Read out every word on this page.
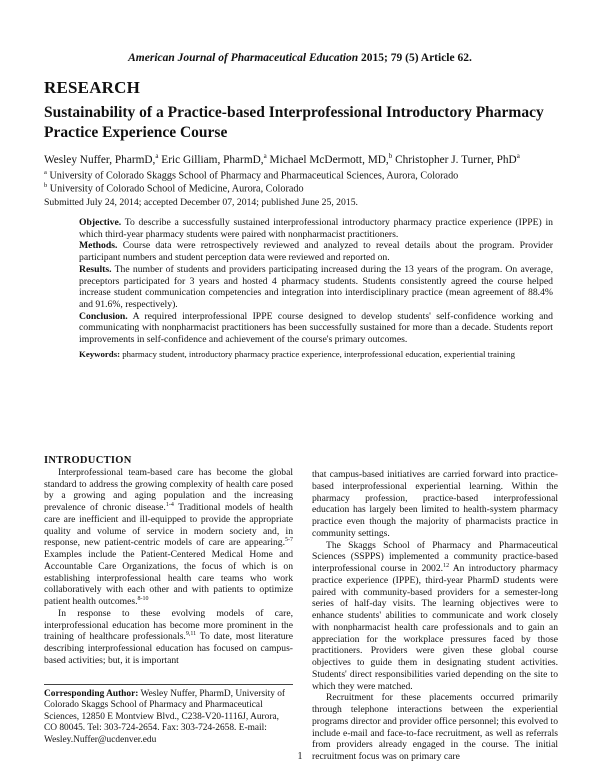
American Journal of Pharmaceutical Education 2015; 79 (5) Article 62.
RESEARCH
Sustainability of a Practice-based Interprofessional Introductory Pharmacy Practice Experience Course
Wesley Nuffer, PharmD,$^a$ Eric Gilliam, PharmD,$^a$ Michael McDermott, MD,$^b$ Christopher J. Turner, PhD$^a$
$^a$ University of Colorado Skaggs School of Pharmacy and Pharmaceutical Sciences, Aurora, Colorado
$^b$ University of Colorado School of Medicine, Aurora, Colorado
Submitted July 24, 2014; accepted December 07, 2014; published June 25, 2015.

Objective. To describe a successfully sustained interprofessional introductory pharmacy practice experience (IPPE) in which third-year pharmacy students were paired with nonpharmacist practitioners.

Methods. Course data were retrospectively reviewed and analyzed to reveal details about the program. Provider participant numbers and student perception data were reviewed and reported on.

Results. The number of students and providers participating increased during the 13 years of the program. On average, preceptors participated for 3 years and hosted 4 pharmacy students. Students consistently agreed the course helped increase student communication competencies and integration into interdisciplinary practice (mean agreement of 88.4% and 91.6%, respectively).

Conclusion. A required interprofessional IPPE course designed to develop students' self-confidence working and communicating with nonpharmacist practitioners has been successfully sustained for more than a decade. Students report improvements in self-confidence and achievement of the course's primary outcomes.

Keywords: pharmacy student, introductory pharmacy practice experience, interprofessional education, experiential training

INTRODUCTION

Interprofessional team-based care has become the global standard to address the growing complexity of health care posed by a growing and aging population and the increasing prevalence of chronic disease.$^{1-4}$ Traditional models of health care are inefficient and ill-equipped to provide the appropriate quality and volume of service in modern society and, in response, new patient-centric models of care are appearing.$^{5-7}$ Examples include the Patient-Centered Medical Home and Accountable Care Organizations, the focus of which is on establishing interprofessional health care teams who work collaboratively with each other and with patients to optimize patient health outcomes.$^{8-10}$

In response to these evolving models of care, interprofessional education has become more prominent in the training of healthcare professionals.$^{9,11}$ To date, most literature describing interprofessional education has focused on campus-based activities; but, it is important

that campus-based initiatives are carried forward into practice-based interprofessional experiential learning. Within the pharmacy profession, practice-based interprofessional education has largely been limited to health-system pharmacy practice even though the majority of pharmacists practice in community settings.

The Skaggs School of Pharmacy and Pharmaceutical Sciences (SSPPS) implemented a community practice-based interprofessional course in 2002.12 An introductory pharmacy practice experience (IPPE), third-year PharmD students were paired with community-based providers for a semester-long series of half-day visits. The learning objectives were to enhance students' abilities to communicate and work closely with nonpharmacist health care professionals and to gain an appreciation for the workplace pressures faced by those practitioners. Providers were given these global course objectives to guide them in designating student activities. Students' direct responsibilities varied depending on the site to which they were matched.

Recruitment for these placements occurred primarily through telephone interactions between the experiential programs director and provider office personnel; this evolved to include e-mail and face-to-face recruitment, as well as referrals from providers already engaged in the course. The initial recruitment focus was on primary care

Corresponding Author: Wesley Nuffer, PharmD, University of Colorado Skaggs School of Pharmacy and Pharmaceutical Sciences, 12850 E Montview Blvd., C238-V20-1116J, Aurora, CO 80045. Tel: 303-724-2654. Fax: 303-724-2658. E-mail: Wesley.Nuffer@ucdenver.edu
1
